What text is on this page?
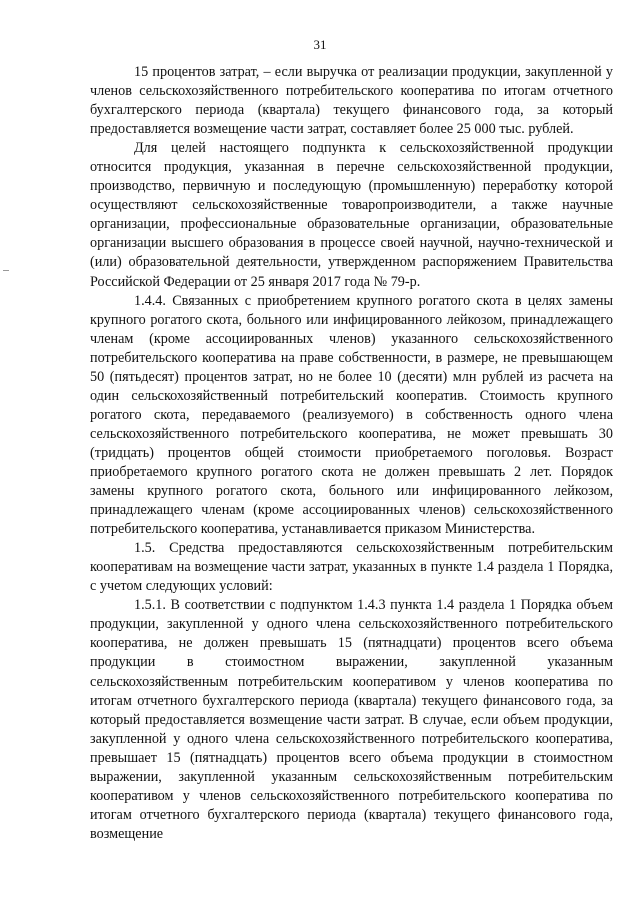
31

15 процентов затрат, – если выручка от реализации продукции, закупленной у членов сельскохозяйственного потребительского кооператива по итогам отчетного бухгалтерского периода (квартала) текущего финансового года, за который предоставляется возмещение части затрат, составляет более 25 000 тыс. рублей.

Для целей настоящего подпункта к сельскохозяйственной продукции относится продукция, указанная в перечне сельскохозяйственной продукции, производство, первичную и последующую (промышленную) переработку которой осуществляют сельскохозяйственные товаропроизводители, а также научные организации, профессиональные образовательные организации, образовательные организации высшего образования в процессе своей научной, научно-технической и (или) образовательной деятельности, утвержденном распоряжением Правительства Российской Федерации от 25 января 2017 года № 79-р.

1.4.4. Связанных с приобретением крупного рогатого скота в целях замены крупного рогатого скота, больного или инфицированного лейкозом, принадлежащего членам (кроме ассоциированных членов) указанного сельскохозяйственного потребительского кооператива на праве собственности, в размере, не превышающем 50 (пятьдесят) процентов затрат, но не более 10 (десяти) млн рублей из расчета на один сельскохозяйственный потребительский кооператив. Стоимость крупного рогатого скота, передаваемого (реализуемого) в собственность одного члена сельскохозяйственного потребительского кооператива, не может превышать 30 (тридцать) процентов общей стоимости приобретаемого поголовья. Возраст приобретаемого крупного рогатого скота не должен превышать 2 лет. Порядок замены крупного рогатого скота, больного или инфицированного лейкозом, принадлежащего членам (кроме ассоциированных членов) сельскохозяйственного потребительского кооператива, устанавливается приказом Министерства.

1.5. Средства предоставляются сельскохозяйственным потребительским кооперативам на возмещение части затрат, указанных в пункте 1.4 раздела 1 Порядка, с учетом следующих условий:

1.5.1. В соответствии с подпунктом 1.4.3 пункта 1.4 раздела 1 Порядка объем продукции, закупленной у одного члена сельскохозяйственного потребительского кооператива, не должен превышать 15 (пятнадцати) процентов всего объема продукции в стоимостном выражении, закупленной указанным сельскохозяйственным потребительским кооперативом у членов кооператива по итогам отчетного бухгалтерского периода (квартала) текущего финансового года, за который предоставляется возмещение части затрат. В случае, если объем продукции, закупленной у одного члена сельскохозяйственного потребительского кооператива, превышает 15 (пятнадцать) процентов всего объема продукции в стоимостном выражении, закупленной указанным сельскохозяйственным потребительским кооперативом у членов сельскохозяйственного потребительского кооператива по итогам отчетного бухгалтерского периода (квартала) текущего финансового года, возмещение
